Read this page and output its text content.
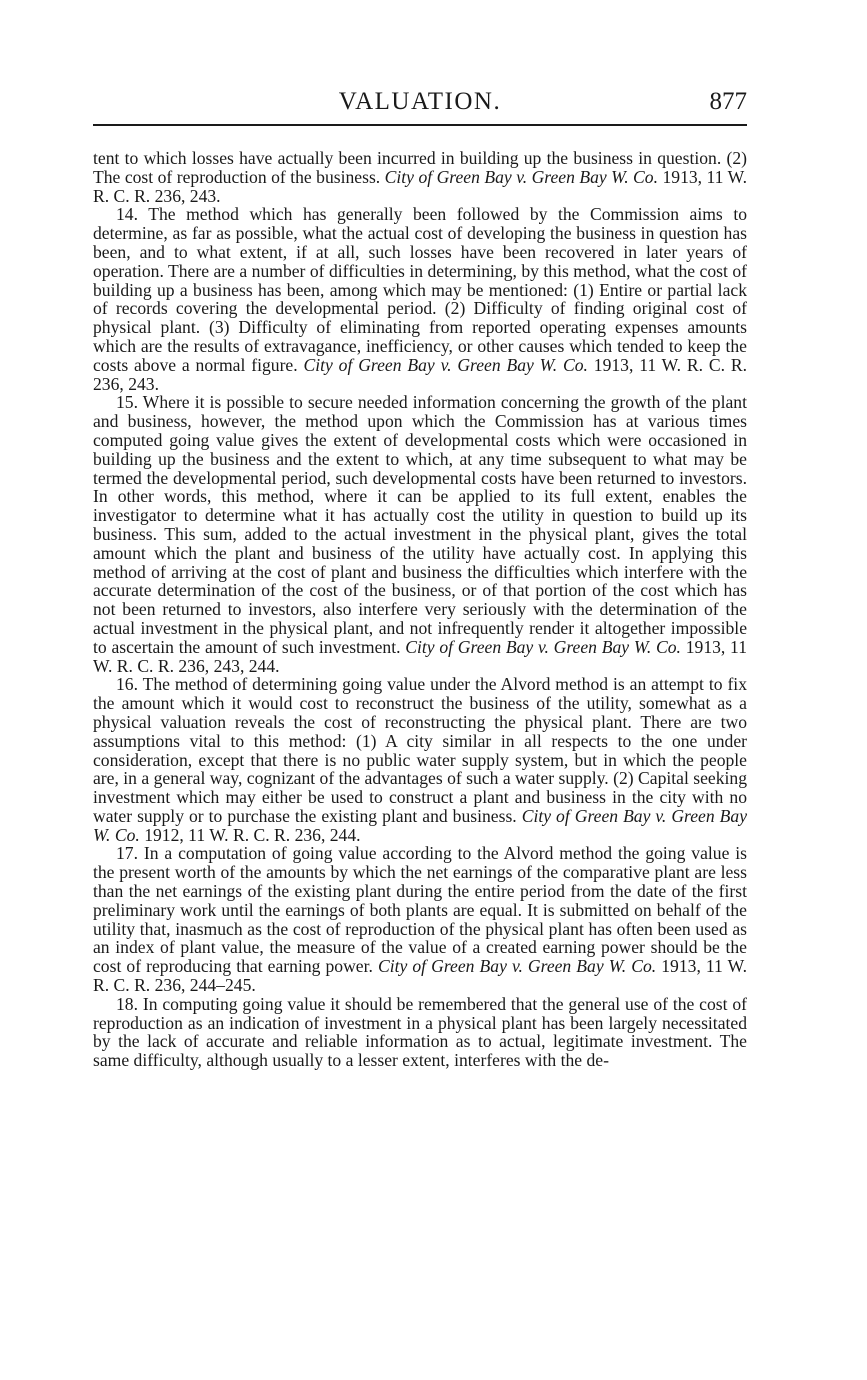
VALUATION.	877

tent to which losses have actually been incurred in building up the business in question. (2) The cost of reproduction of the business. City of Green Bay v. Green Bay W. Co. 1913, 11 W. R. C. R. 236, 243.

14. The method which has generally been followed by the Commission aims to determine, as far as possible, what the actual cost of developing the business in question has been, and to what extent, if at all, such losses have been recovered in later years of operation. There are a number of difficulties in determining, by this method, what the cost of building up a business has been, among which may be mentioned: (1) Entire or partial lack of records covering the developmental period. (2) Difficulty of finding original cost of physical plant. (3) Difficulty of eliminating from reported operating expenses amounts which are the results of extravagance, inefficiency, or other causes which tended to keep the costs above a normal figure. City of Green Bay v. Green Bay W. Co. 1913, 11 W. R. C. R. 236, 243.

15. Where it is possible to secure needed information concerning the growth of the plant and business, however, the method upon which the Commission has at various times computed going value gives the extent of developmental costs which were occasioned in building up the business and the extent to which, at any time subsequent to what may be termed the developmental period, such developmental costs have been returned to investors. In other words, this method, where it can be applied to its full extent, enables the investigator to determine what it has actually cost the utility in question to build up its business. This sum, added to the actual investment in the physical plant, gives the total amount which the plant and business of the utility have actually cost. In applying this method of arriving at the cost of plant and business the difficulties which interfere with the accurate determination of the cost of the business, or of that portion of the cost which has not been returned to investors, also interfere very seriously with the determination of the actual investment in the physical plant, and not infrequently render it altogether impossible to ascertain the amount of such investment. City of Green Bay v. Green Bay W. Co. 1913, 11 W. R. C. R. 236, 243, 244.

16. The method of determining going value under the Alvord method is an attempt to fix the amount which it would cost to reconstruct the business of the utility, somewhat as a physical valuation reveals the cost of reconstructing the physical plant. There are two assumptions vital to this method: (1) A city similar in all respects to the one under consideration, except that there is no public water supply system, but in which the people are, in a general way, cognizant of the advantages of such a water supply. (2) Capital seeking investment which may either be used to construct a plant and business in the city with no water supply or to purchase the existing plant and business. City of Green Bay v. Green Bay W. Co. 1912, 11 W. R. C. R. 236, 244.

17. In a computation of going value according to the Alvord method the going value is the present worth of the amounts by which the net earnings of the comparative plant are less than the net earnings of the existing plant during the entire period from the date of the first preliminary work until the earnings of both plants are equal. It is submitted on behalf of the utility that, inasmuch as the cost of reproduction of the physical plant has often been used as an index of plant value, the measure of the value of a created earning power should be the cost of reproducing that earning power. City of Green Bay v. Green Bay W. Co. 1913, 11 W. R. C. R. 236, 244–245.

18. In computing going value it should be remembered that the general use of the cost of reproduction as an indication of investment in a physical plant has been largely necessitated by the lack of accurate and reliable information as to actual, legitimate investment. The same difficulty, although usually to a lesser extent, interferes with the de-
